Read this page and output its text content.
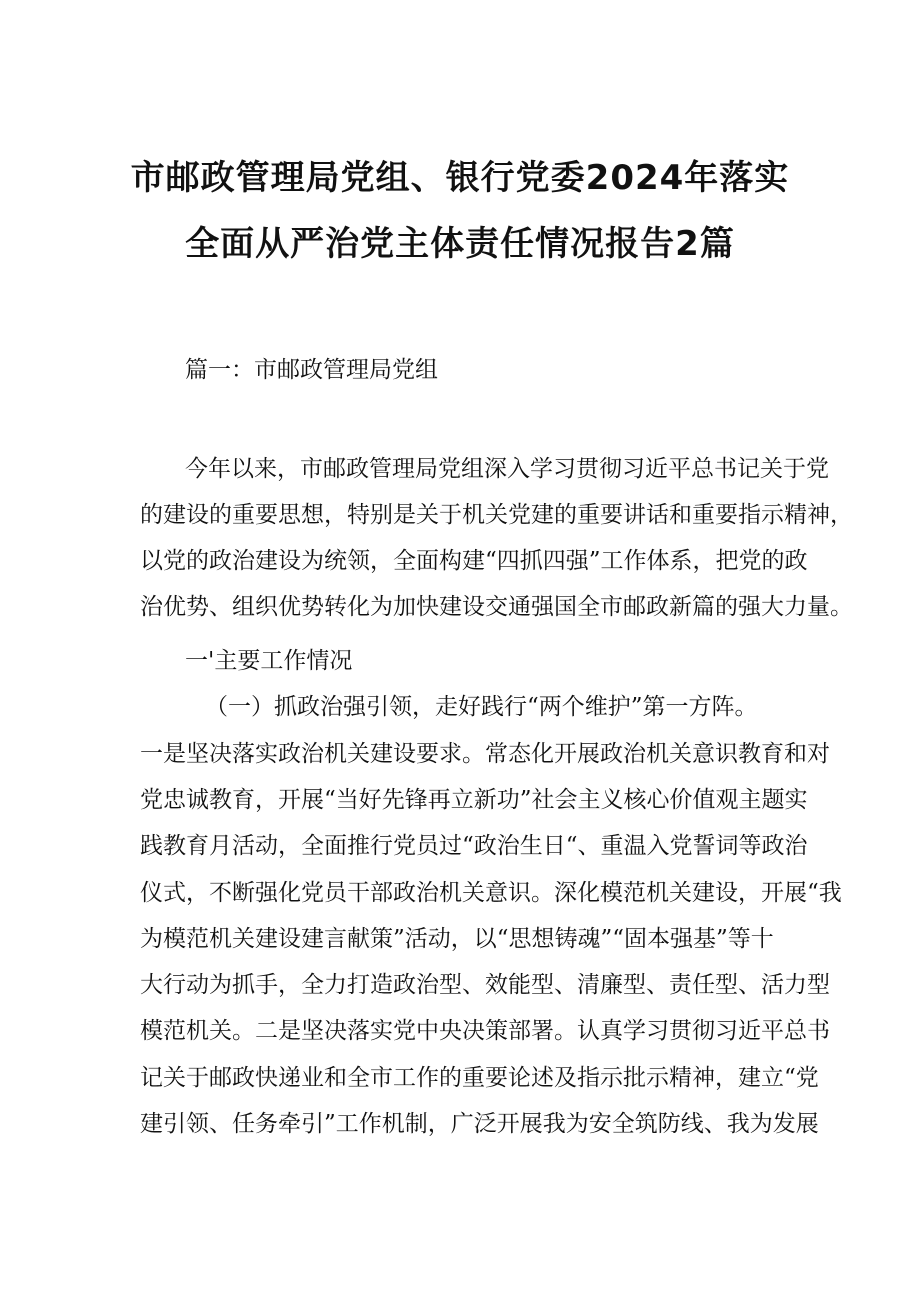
市邮政管理局党组、银行党委2024年落实
全面从严治党主体责任情况报告2篇
篇一：市邮政管理局党组
今年以来，市邮政管理局党组深入学习贯彻习近平总书记关于党
的建设的重要思想，特别是关于机关党建的重要讲话和重要指示精神，
以党的政治建设为统领，全面构建“四抓四强”工作体系，把党的政
治优势、组织优势转化为加快建设交通强国全市邮政新篇的强大力量。
一'主要工作情况
（一）抓政治强引领，走好践行“两个维护”第一方阵。
一是坚决落实政治机关建设要求。常态化开展政治机关意识教育和对
党忠诚教育，开展“当好先锋再立新功”社会主义核心价值观主题实
践教育月活动，全面推行党员过“政治生日“、重温入党誓词等政治
仪式，不断强化党员干部政治机关意识。深化模范机关建设，开展“我
为模范机关建设建言献策”活动，以“思想铸魂”“固本强基”等十
大行动为抓手，全力打造政治型、效能型、清廉型、责任型、活力型
模范机关。二是坚决落实党中央决策部署。认真学习贯彻习近平总书
记关于邮政快递业和全市工作的重要论述及指示批示精神，建立“党
建引领、任务牵引”工作机制，广泛开展我为安全筑防线、我为发展
